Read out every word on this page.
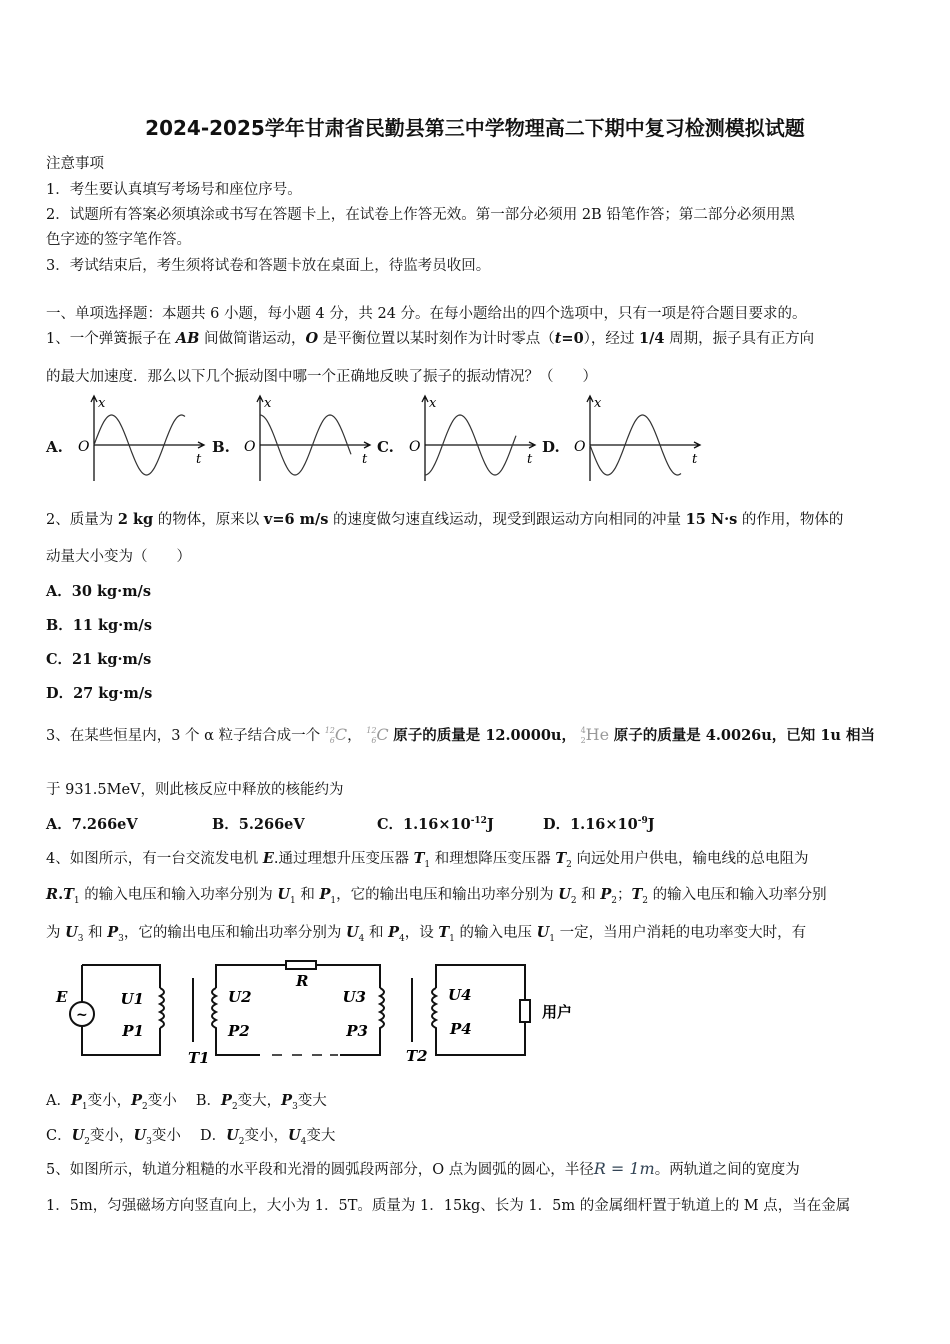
2024-2025学年甘肃省民勤县第三中学物理高二下期中复习检测模拟试题
注意事项
1．考生要认真填写考场号和座位序号。
2．试题所有答案必须填涂或书写在答题卡上，在试卷上作答无效。第一部分必须用 2B 铅笔作答；第二部分必须用黑
色字迹的签字笔作答。
3．考试结束后，考生须将试卷和答题卡放在桌面上，待监考员收回。
一、单项选择题：本题共 6 小题，每小题 4 分，共 24 分。在每小题给出的四个选项中，只有一项是符合题目要求的。
1、一个弹簧振子在 AB 间做简谐运动，O 是平衡位置以某时刻作为计时零点（t=0），经过 1/4 周期，振子具有正方向
的最大加速度．那么以下几个振动图中哪一个正确地反映了振子的振动情况？（　　）
A.
x
t
O	B.
x
t
O	C.
x
t
O	D.
x
t
O
2、质量为 2 kg 的物体，原来以 v=6 m/s 的速度做匀速直线运动，现受到跟运动方向相同的冲量 15 N·s 的作用，物体的
动量大小变为（　　）
A．30 kg·m/s
B．11 kg·m/s
C．21 kg·m/s
D．27 kg·m/s
3、在某些恒星内，3 个 α 粒子结合成一个 12
6C， 12
6C 原子的质量是 12.0000u， 4
2He 原子的质量是 4.0026u，已知 1u 相当
于 931.5MeV，则此核反应中释放的核能约为
A．7.266eV	B．5.266eV	C．$1.16\times 10^{-12}J$	D．$1.16\times 10^{-9}J$
4、如图所示，有一台交流发电机 E.通过理想升压变压器 $T_1$ 和理想降压变压器 $T_2$ 向远处用户供电，输电线的总电阻为
$R.T_1$ 的输入电压和输入功率分别为 $U_1$ 和 $P_1$，它的输出电压和输出功率分别为 $U_2$ 和 $P_2$；$T_2$ 的输入电压和输入功率分别
为 $U_3$ 和 $P_3$，它的输出电压和输出功率分别为 $U_4$ 和 $P_4$，设 $T_1$ 的输入电压 $U_1$ 一定，当用户消耗的电功率变大时，有
~
E
R
U1
P1
U2
P2
U3
P3
U4
P4
T1	T2
用户
A．$P_1$变小，$P_2$变小　 B．$P_2$变大，$P_3$变大
C．$U_2$变小，$U_3$变小　 D．$U_2$变小，$U_4$变大
5、如图所示，轨道分粗糙的水平段和光滑的圆弧段两部分，O 点为圆弧的圆心，半径R = 1m。两轨道之间的宽度为
1．5m，匀强磁场方向竖直向上，大小为 1．5T。质量为 1．15kg、长为 1．5m 的金属细杆置于轨道上的 M 点，当在金属
